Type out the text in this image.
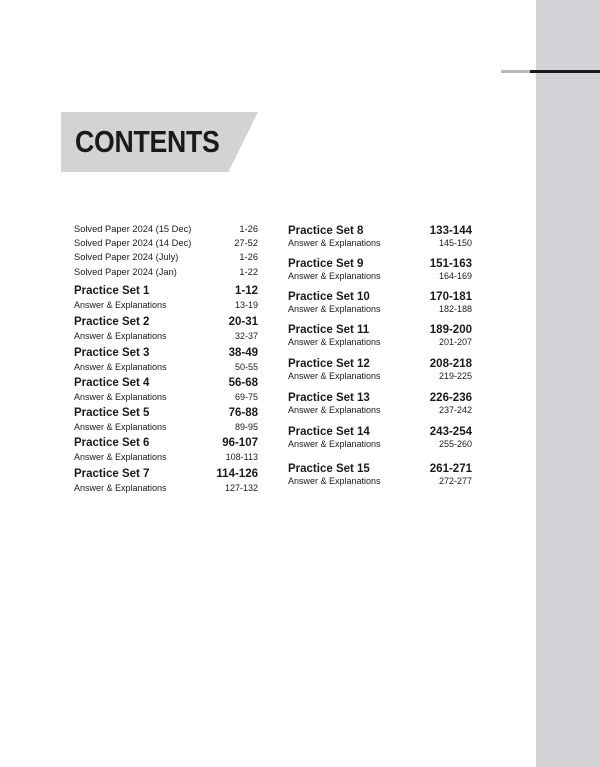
CONTENTS
Solved Paper 2024 (15 Dec)	1-26
Solved Paper 2024 (14 Dec)	27-52
Solved Paper 2024 (July)	1-26
Solved Paper 2024 (Jan)	1-22
Practice Set 1	1-12
Answer & Explanations	13-19
Practice Set 2	20-31
Answer & Explanations	32-37
Practice Set 3	38-49
Answer & Explanations	50-55
Practice Set 4	56-68
Answer & Explanations	69-75
Practice Set 5	76-88
Answer & Explanations	89-95
Practice Set 6	96-107
Answer & Explanations	108-113
Practice Set 7	114-126
Answer & Explanations	127-132
Practice Set 8	133-144
Answer & Explanations	145-150
Practice Set 9	151-163
Answer & Explanations	164-169
Practice Set 10	170-181
Answer & Explanations	182-188
Practice Set 11	189-200
Answer & Explanations	201-207
Practice Set 12	208-218
Answer & Explanations	219-225
Practice Set 13	226-236
Answer & Explanations	237-242
Practice Set 14	243-254
Answer & Explanations	255-260
Practice Set 15	261-271
Answer & Explanations	272-277
